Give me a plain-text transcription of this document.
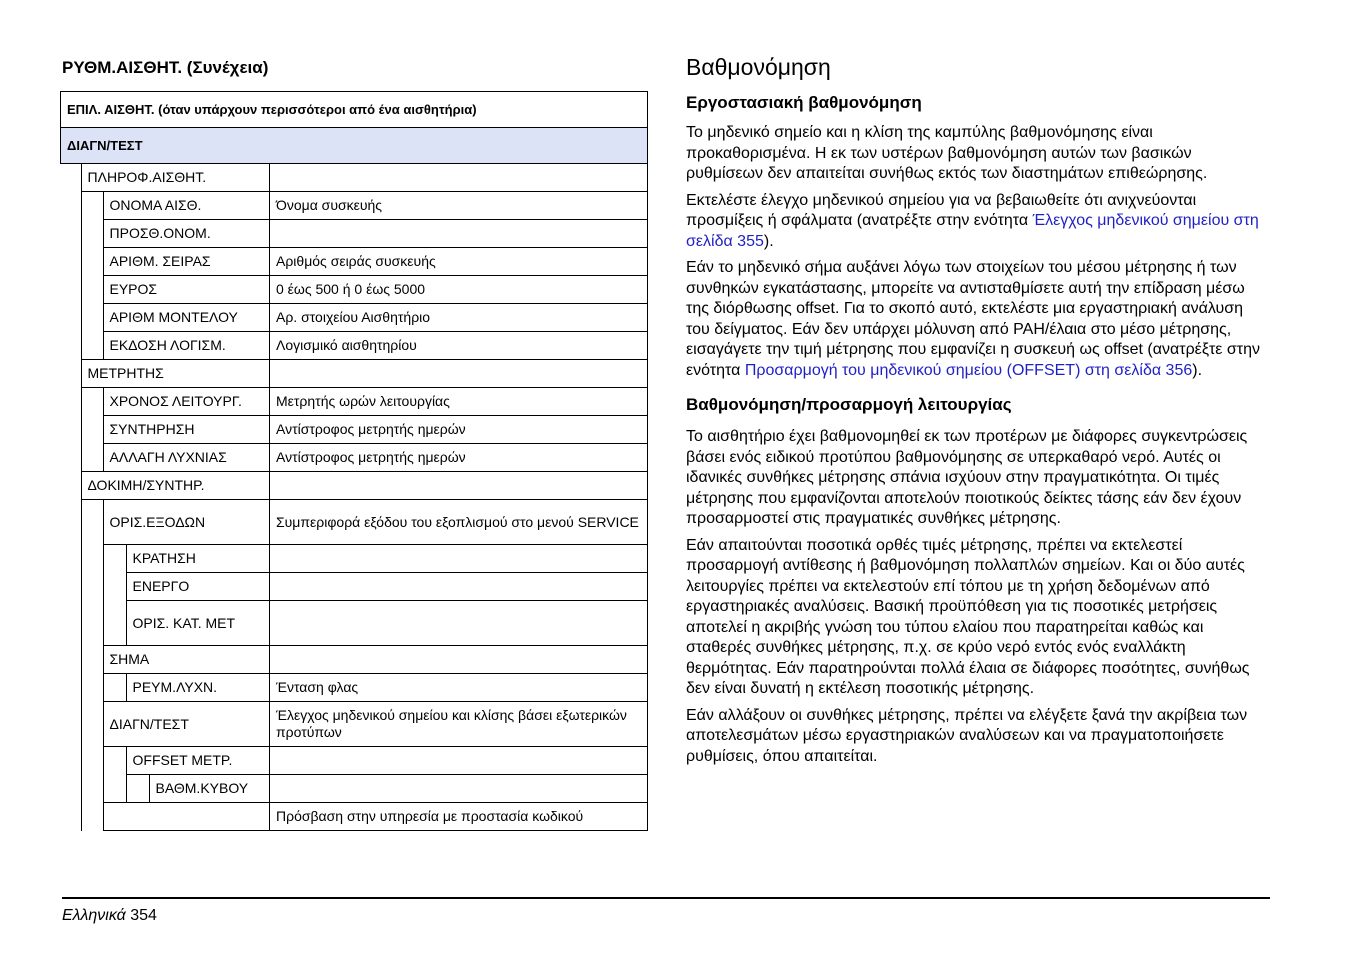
ΡΥΘΜ.ΑΙΣΘΗΤ. (Συνέχεια)
ΕΠΙΛ. ΑΙΣΘΗΤ. (όταν υπάρχουν περισσότεροι από ένα αισθητήρια)					
ΔΙΑΓΝ/ΤΕΣΤ					
	ΠΛΗΡΟΦ.ΑΙΣΘΗΤ.				
		ΟΝΟΜΑ ΑΙΣΘ.			Όνομα συσκευής
		ΠΡΟΣΘ.ΟΝΟΜ.			
		ΑΡΙΘΜ. ΣΕΙΡΑΣ			Αριθμός σειράς συσκευής
		ΕΥΡΟΣ			0 έως 500 ή 0 έως 5000
		ΑΡΙΘΜ ΜΟΝΤΕΛΟΥ			Αρ. στοιχείου Αισθητήριο
		ΕΚΔΟΣΗ ΛΟΓΙΣΜ.			Λογισμικό αισθητηρίου
	ΜΕΤΡΗΤΗΣ				
		ΧΡΟΝΟΣ ΛΕΙΤΟΥΡΓ.			Μετρητής ωρών λειτουργίας
		ΣΥΝΤΗΡΗΣΗ			Αντίστροφος μετρητής ημερών
		ΑΛΛΑΓΗ ΛΥΧΝΙΑΣ			Αντίστροφος μετρητής ημερών
	ΔΟΚΙΜΗ/ΣΥΝΤΗΡ.				
		ΟΡΙΣ.ΕΞΟΔΩΝ			Συμπεριφορά εξόδου του εξοπλισμού στο μενού SERVICE
			ΚΡΑΤΗΣΗ		
			ΕΝΕΡΓΟ		
			ΟΡΙΣ. ΚΑΤ. ΜΕΤ		
		ΣΗΜΑ			
			ΡΕΥΜ.ΛΥΧΝ.		Ένταση φλας
		ΔΙΑΓΝ/ΤΕΣΤ			Έλεγχος μηδενικού σημείου και κλίσης βάσει εξωτερικών προτύπων
			OFFSET ΜΕΤΡ.		
				ΒΑΘΜ.ΚΥΒΟΥ	
					Πρόσβαση στην υπηρεσία με προστασία κωδικού
Βαθμονόμηση
Εργοστασιακή βαθμονόμηση

Το μηδενικό σημείο και η κλίση της καμπύλης βαθμονόμησης είναι προκαθορισμένα. Η εκ των υστέρων βαθμονόμηση αυτών των βασικών ρυθμίσεων δεν απαιτείται συνήθως εκτός των διαστημάτων επιθεώρησης.

Εκτελέστε έλεγχο μηδενικού σημείου για να βεβαιωθείτε ότι ανιχνεύονται προσμίξεις ή σφάλματα (ανατρέξτε στην ενότητα Έλεγχος μηδενικού σημείου στη σελίδα 355).

Εάν το μηδενικό σήμα αυξάνει λόγω των στοιχείων του μέσου μέτρησης ή των συνθηκών εγκατάστασης, μπορείτε να αντισταθμίσετε αυτή την επίδραση μέσω της διόρθωσης offset. Για το σκοπό αυτό, εκτελέστε μια εργαστηριακή ανάλυση του δείγματος. Εάν δεν υπάρχει μόλυνση από PAH/έλαια στο μέσο μέτρησης, εισαγάγετε την τιμή μέτρησης που εμφανίζει η συσκευή ως offset (ανατρέξτε στην ενότητα Προσαρμογή του μηδενικού σημείου (OFFSET) στη σελίδα 356).

Βαθμονόμηση/προσαρμογή λειτουργίας

Το αισθητήριο έχει βαθμονομηθεί εκ των προτέρων με διάφορες συγκεντρώσεις βάσει ενός ειδικού προτύπου βαθμονόμησης σε υπερκαθαρό νερό. Αυτές οι ιδανικές συνθήκες μέτρησης σπάνια ισχύουν στην πραγματικότητα. Οι τιμές μέτρησης που εμφανίζονται αποτελούν ποιοτικούς δείκτες τάσης εάν δεν έχουν προσαρμοστεί στις πραγματικές συνθήκες μέτρησης.

Εάν απαιτούνται ποσοτικά ορθές τιμές μέτρησης, πρέπει να εκτελεστεί προσαρμογή αντίθεσης ή βαθμονόμηση πολλαπλών σημείων. Και οι δύο αυτές λειτουργίες πρέπει να εκτελεστούν επί τόπου με τη χρήση δεδομένων από εργαστηριακές αναλύσεις. Βασική προϋπόθεση για τις ποσοτικές μετρήσεις αποτελεί η ακριβής γνώση του τύπου ελαίου που παρατηρείται καθώς και σταθερές συνθήκες μέτρησης, π.χ. σε κρύο νερό εντός ενός εναλλάκτη θερμότητας. Εάν παρατηρούνται πολλά έλαια σε διάφορες ποσότητες, συνήθως δεν είναι δυνατή η εκτέλεση ποσοτικής μέτρησης.

Εάν αλλάξουν οι συνθήκες μέτρησης, πρέπει να ελέγξετε ξανά την ακρίβεια των αποτελεσμάτων μέσω εργαστηριακών αναλύσεων και να πραγματοποιήσετε ρυθμίσεις, όπου απαιτείται.

Ελληνικά 354
